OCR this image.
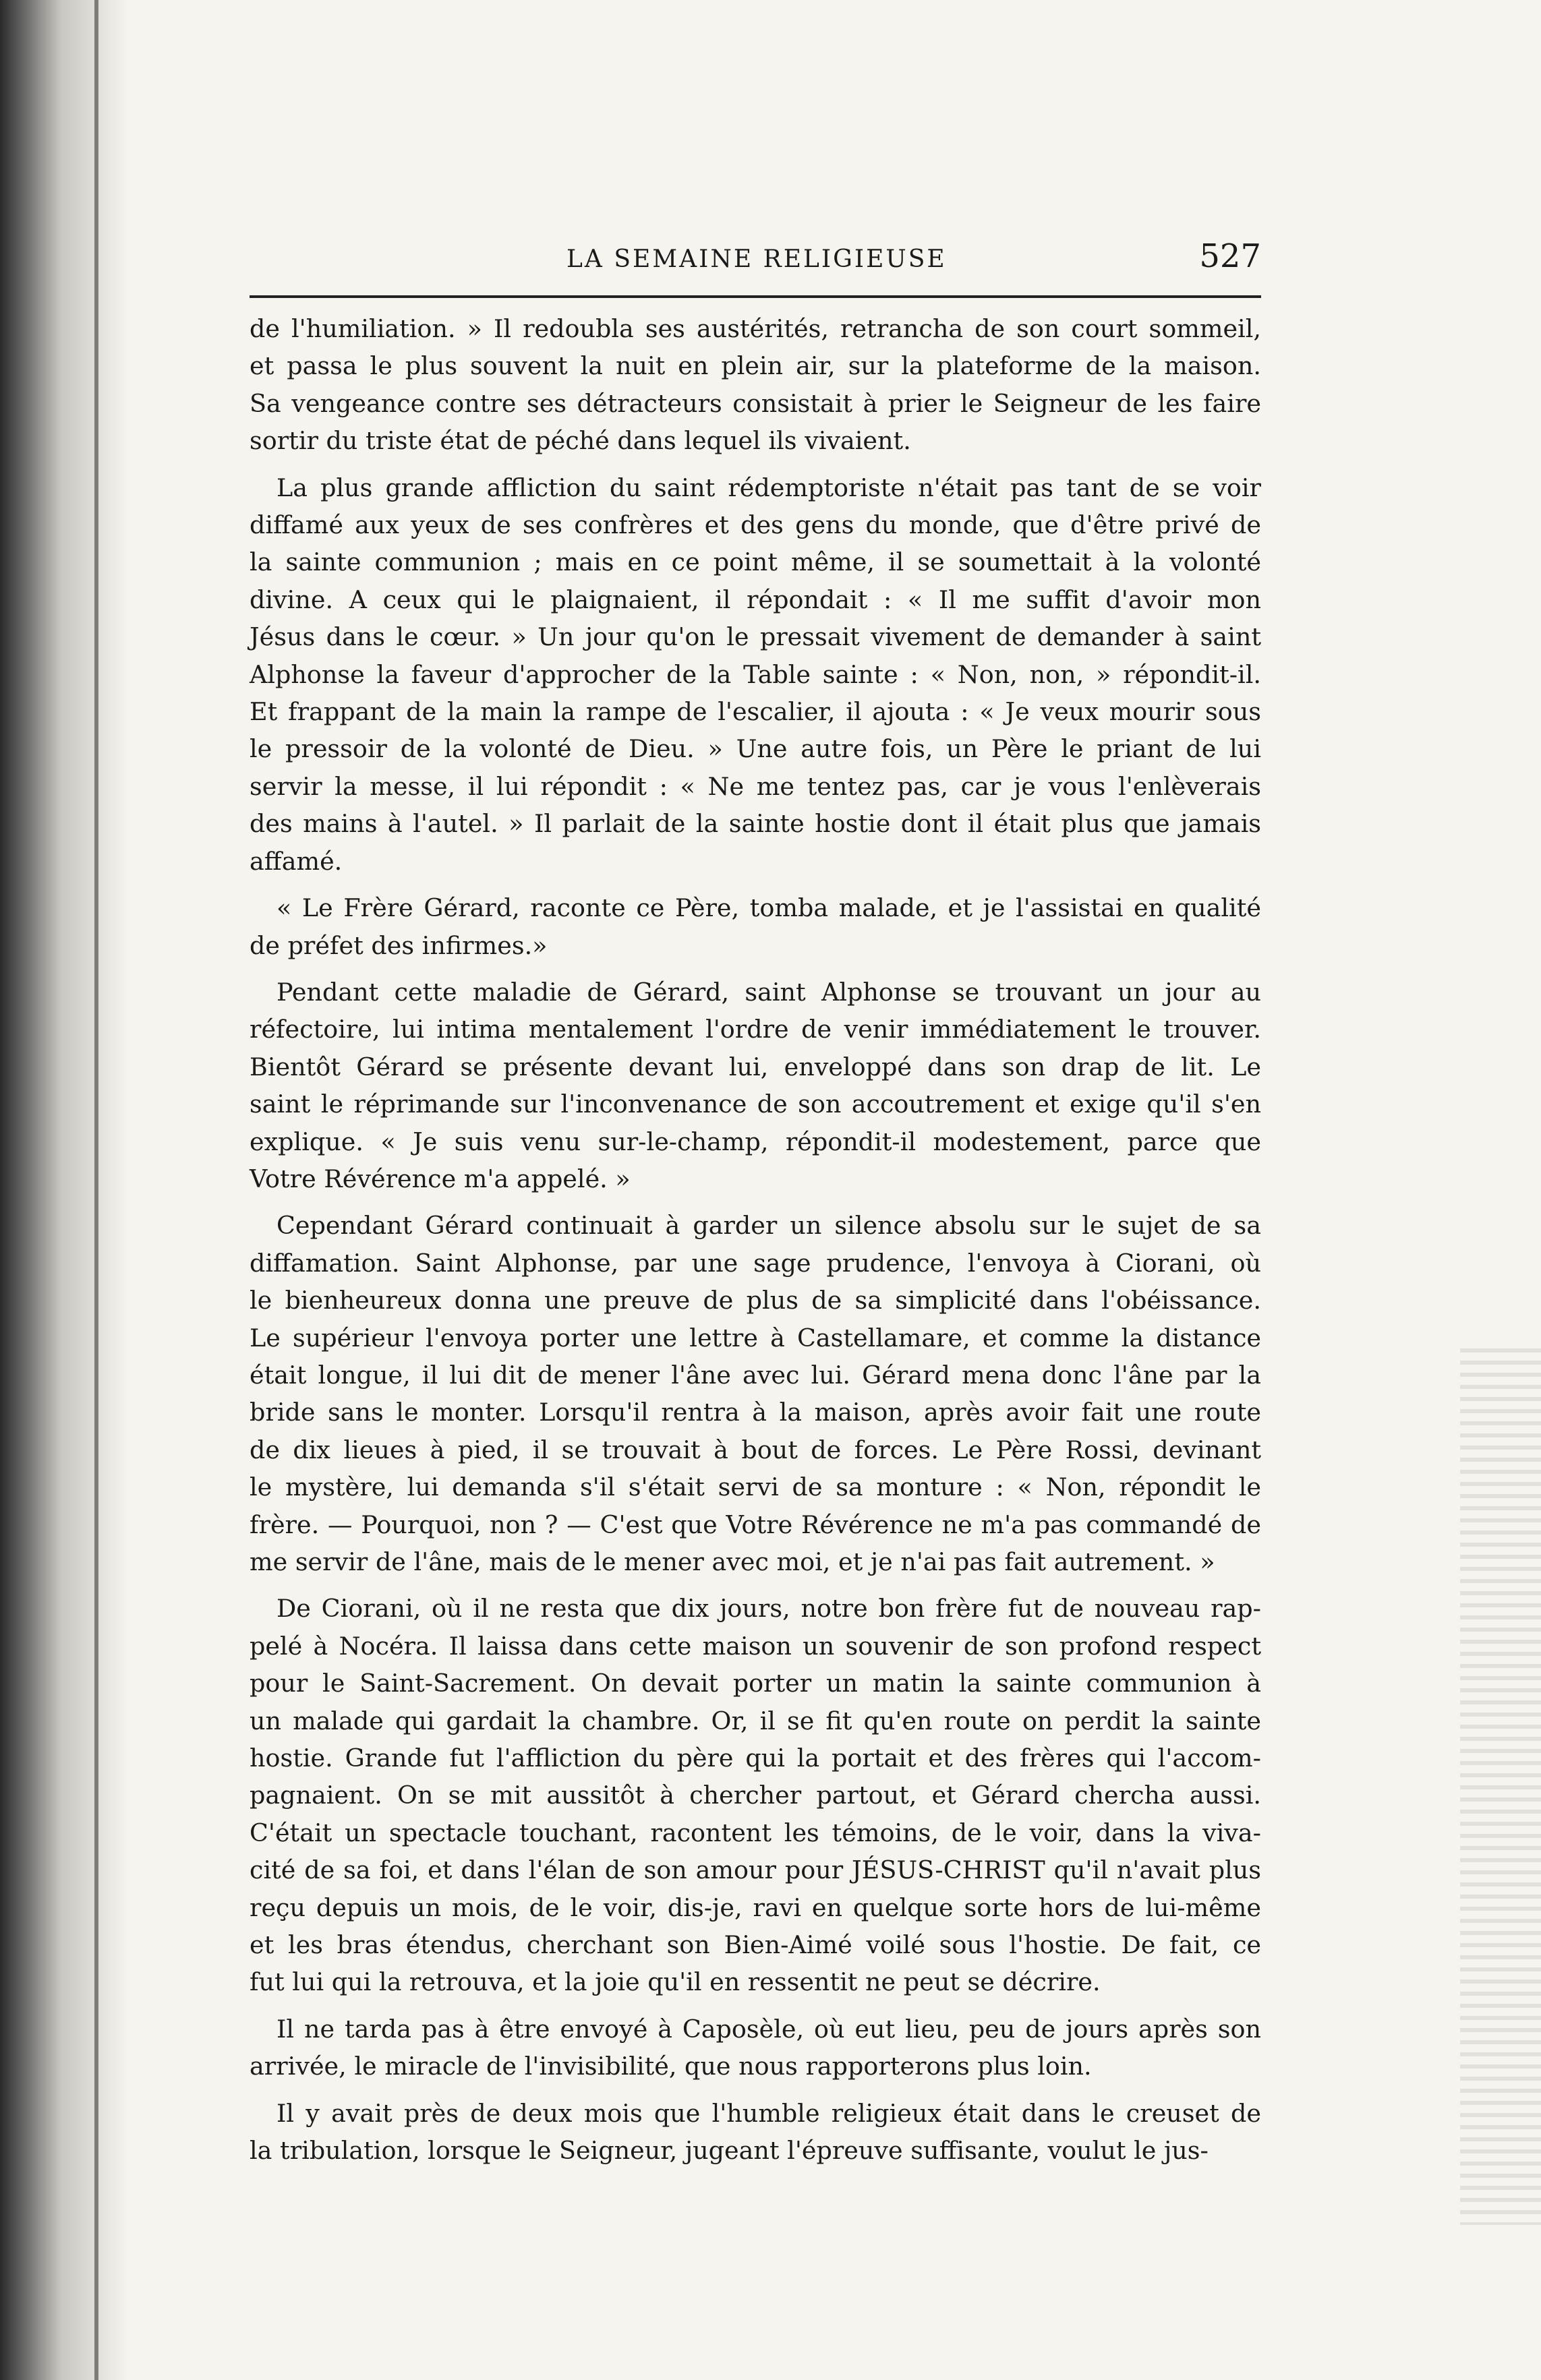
LA SEMAINE RELIGIEUSE	527
de l'humiliation. » Il redoubla ses austérités, retrancha de son court sommeil,
et passa le plus souvent la nuit en plein air, sur la plateforme de la maison.
Sa vengeance contre ses détracteurs consistait à prier le Seigneur de les faire
sortir du triste état de péché dans lequel ils vivaient.
La plus grande affliction du saint rédemptoriste n'était pas tant de se voir
diffamé aux yeux de ses confrères et des gens du monde, que d'être privé de
la sainte communion ; mais en ce point même, il se soumettait à la volonté
divine. A ceux qui le plaignaient, il répondait : « Il me suffit d'avoir mon
Jésus dans le cœur. » Un jour qu'on le pressait vivement de demander à saint
Alphonse la faveur d'approcher de la Table sainte : « Non, non, » répondit-il.
Et frappant de la main la rampe de l'escalier, il ajouta : « Je veux mourir sous
le pressoir de la volonté de Dieu. » Une autre fois, un Père le priant de lui
servir la messe, il lui répondit : « Ne me tentez pas, car je vous l'enlèverais
des mains à l'autel. » Il parlait de la sainte hostie dont il était plus que jamais
affamé.
« Le Frère Gérard, raconte ce Père, tomba malade, et je l'assistai en qualité
de préfet des infirmes.»
Pendant cette maladie de Gérard, saint Alphonse se trouvant un jour au
réfectoire, lui intima mentalement l'ordre de venir immédiatement le trouver.
Bientôt Gérard se présente devant lui, enveloppé dans son drap de lit. Le
saint le réprimande sur l'inconvenance de son accoutrement et exige qu'il s'en
explique. « Je suis venu sur-le-champ, répondit-il modestement, parce que
Votre Révérence m'a appelé. »
Cependant Gérard continuait à garder un silence absolu sur le sujet de sa
diffamation. Saint Alphonse, par une sage prudence, l'envoya à Ciorani, où
le bienheureux donna une preuve de plus de sa simplicité dans l'obéissance.
Le supérieur l'envoya porter une lettre à Castellamare, et comme la distance
était longue, il lui dit de mener l'âne avec lui. Gérard mena donc l'âne par la
bride sans le monter. Lorsqu'il rentra à la maison, après avoir fait une route
de dix lieues à pied, il se trouvait à bout de forces. Le Père Rossi, devinant
le mystère, lui demanda s'il s'était servi de sa monture : « Non, répondit le
frère. — Pourquoi, non ? — C'est que Votre Révérence ne m'a pas commandé de
me servir de l'âne, mais de le mener avec moi, et je n'ai pas fait autrement. »
De Ciorani, où il ne resta que dix jours, notre bon frère fut de nouveau rap-
pelé à Nocéra. Il laissa dans cette maison un souvenir de son profond respect
pour le Saint-Sacrement. On devait porter un matin la sainte communion à
un malade qui gardait la chambre. Or, il se fit qu'en route on perdit la sainte
hostie. Grande fut l'affliction du père qui la portait et des frères qui l'accom-
pagnaient. On se mit aussitôt à chercher partout, et Gérard chercha aussi.
C'était un spectacle touchant, racontent les témoins, de le voir, dans la viva-
cité de sa foi, et dans l'élan de son amour pour JÉSUS-CHRIST qu'il n'avait plus
reçu depuis un mois, de le voir, dis-je, ravi en quelque sorte hors de lui-même
et les bras étendus, cherchant son Bien-Aimé voilé sous l'hostie. De fait, ce
fut lui qui la retrouva, et la joie qu'il en ressentit ne peut se décrire.
Il ne tarda pas à être envoyé à Caposèle, où eut lieu, peu de jours après son
arrivée, le miracle de l'invisibilité, que nous rapporterons plus loin.
Il y avait près de deux mois que l'humble religieux était dans le creuset de
la tribulation, lorsque le Seigneur, jugeant l'épreuve suffisante, voulut le jus-
